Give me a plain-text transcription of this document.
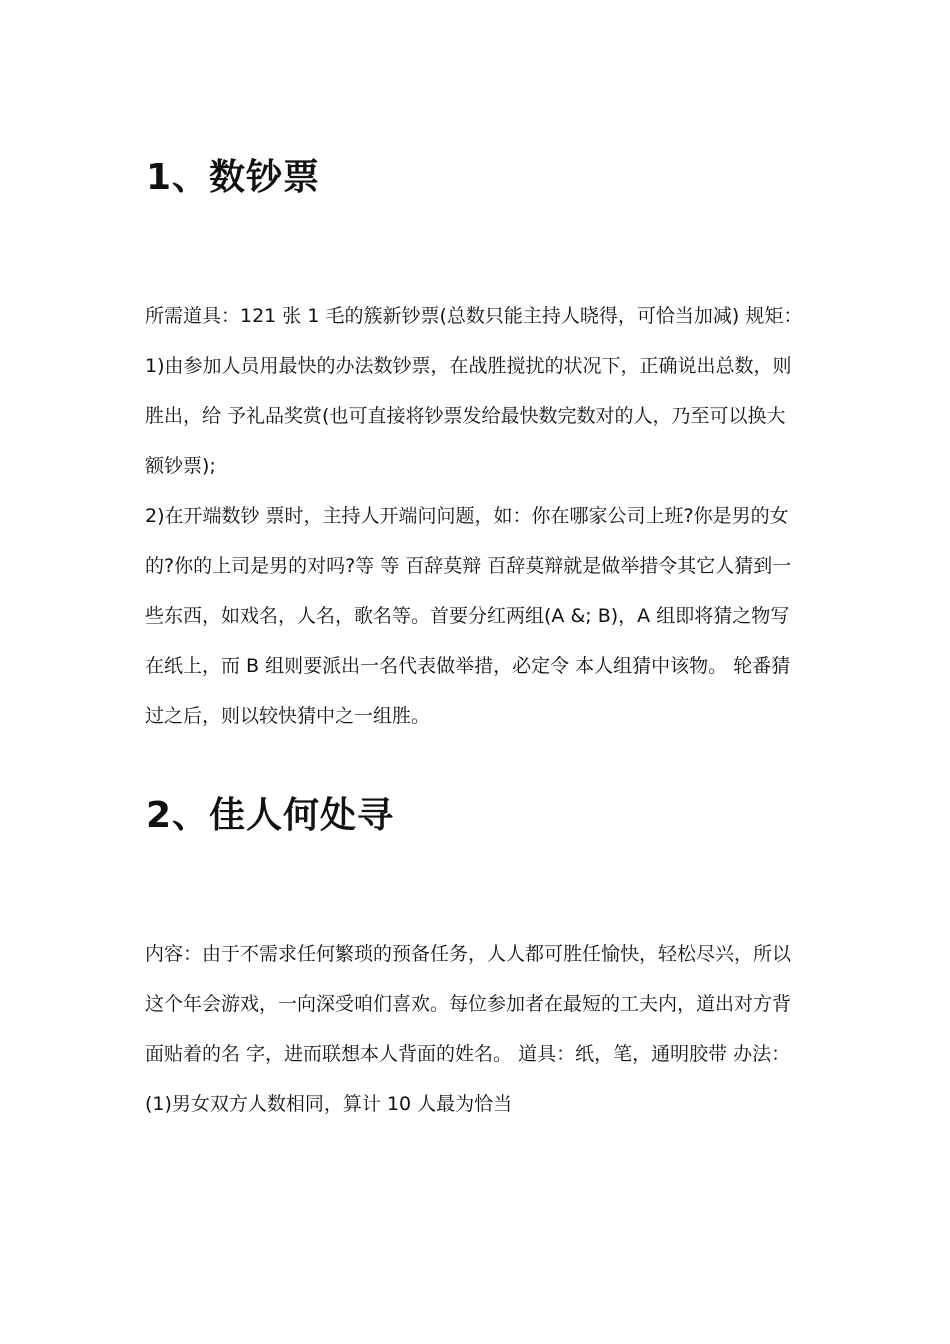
1、数钞票
所需道具：121 张 1 毛的簇新钞票(总数只能主持人晓得，可恰当加减) 规矩：
1)由参加人员用最快的办法数钞票，在战胜搅扰的状况下，正确说出总数，则
胜出，给 予礼品奖赏(也可直接将钞票发给最快数完数对的人，乃至可以换大
额钞票);
2)在开端数钞 票时，主持人开端问问题，如：你在哪家公司上班?你是男的女
的?你的上司是男的对吗?等 等 百辞莫辩 百辞莫辩就是做举措令其它人猜到一
些东西，如戏名，人名，歌名等。首要分红两组(A &; B)，A 组即将猜之物写
在纸上，而 B 组则要派出一名代表做举措，必定令 本人组猜中该物。 轮番猜
过之后，则以较快猜中之一组胜。
2、佳人何处寻
内容：由于不需求任何繁琐的预备任务，人人都可胜任愉快，轻松尽兴，所以
这个年会游戏，一向深受咱们喜欢。每位参加者在最短的工夫内，道出对方背
面贴着的名 字，进而联想本人背面的姓名。 道具：纸，笔，通明胶带 办法：
(1)男女双方人数相同，算计 10 人最为恰当
